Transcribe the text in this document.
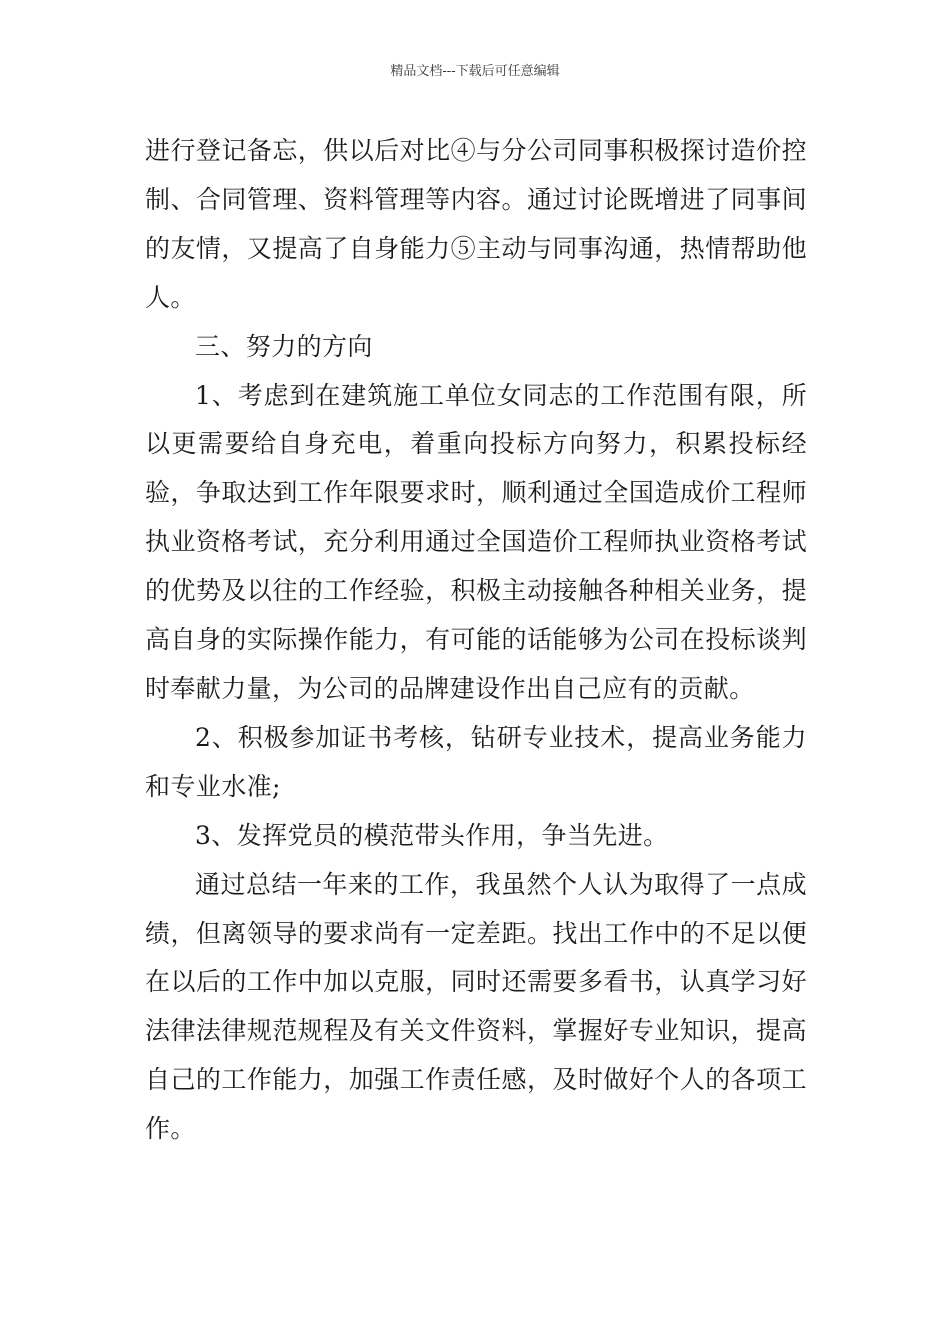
精品文档---下载后可任意编辑

进行登记备忘，供以后对比④与分公司同事积极探讨造价控制、合同管理、资料管理等内容。通过讨论既增进了同事间的友情，又提高了自身能力⑤主动与同事沟通，热情帮助他人。

三、努力的方向

1、考虑到在建筑施工单位女同志的工作范围有限，所以更需要给自身充电，着重向投标方向努力，积累投标经验，争取达到工作年限要求时，顺利通过全国造成价工程师执业资格考试，充分利用通过全国造价工程师执业资格考试的优势及以往的工作经验，积极主动接触各种相关业务，提高自身的实际操作能力，有可能的话能够为公司在投标谈判时奉献力量，为公司的品牌建设作出自己应有的贡献。

2、积极参加证书考核，钻研专业技术，提高业务能力和专业水准;

3、发挥党员的模范带头作用，争当先进。

通过总结一年来的工作，我虽然个人认为取得了一点成绩，但离领导的要求尚有一定差距。找出工作中的不足以便在以后的工作中加以克服，同时还需要多看书，认真学习好法律法律规范规程及有关文件资料，掌握好专业知识，提高自己的工作能力，加强工作责任感，及时做好个人的各项工作。
